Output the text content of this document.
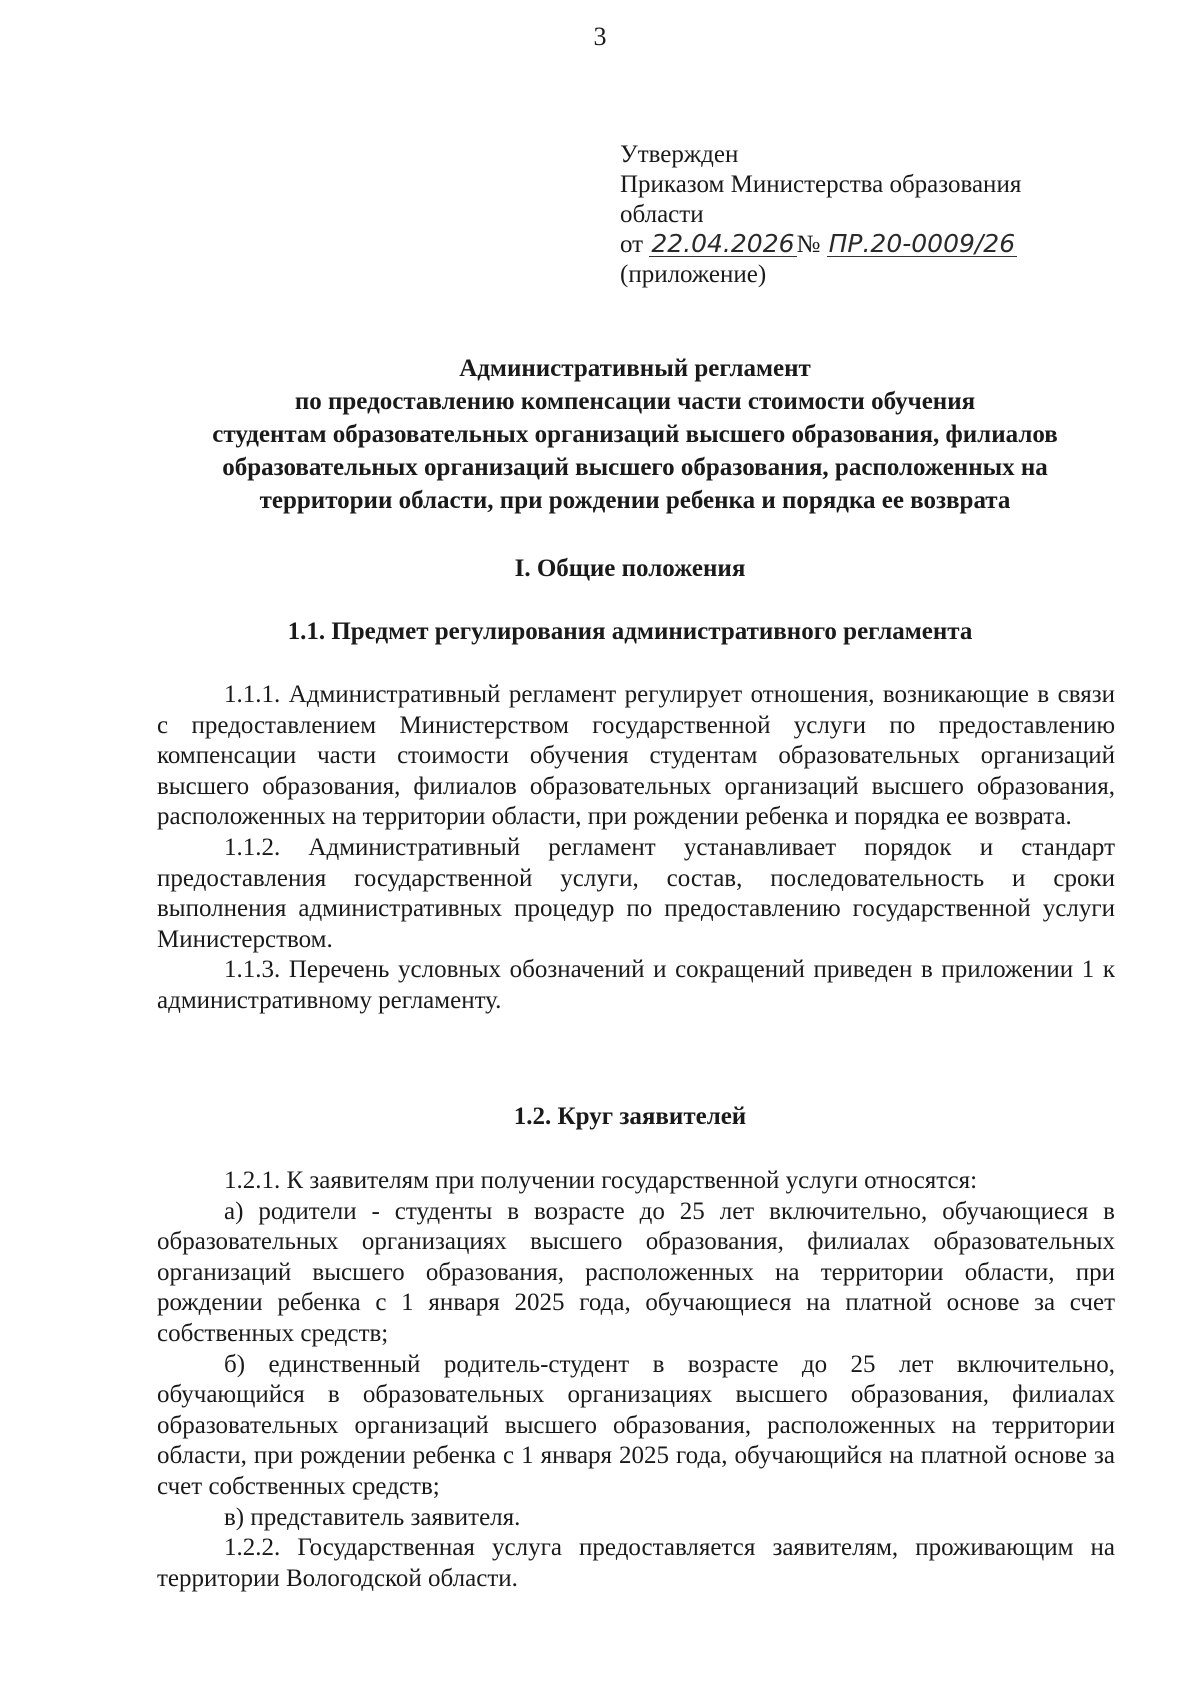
3
Утвержден
Приказом Министерства образования
области
от 22.04.2026№ ПР.20-0009/26
(приложение)
Административный регламент
по предоставлению компенсации части стоимости обучения
студентам образовательных организаций высшего образования, филиалов
образовательных организаций высшего образования, расположенных на
территории области, при рождении ребенка и порядка ее возврата
I. Общие положения
1.1. Предмет регулирования административного регламента

1.1.1. Административный регламент регулирует отношения, возникающие в связи с предоставлением Министерством государственной услуги по предоставлению компенсации части стоимости обучения студентам образовательных организаций высшего образования, филиалов образовательных организаций высшего образования, расположенных на территории области, при рождении ребенка и порядка ее возврата.

1.1.2. Административный регламент устанавливает порядок и стандарт предоставления государственной услуги, состав, последовательность и сроки выполнения административных процедур по предоставлению государственной услуги Министерством.

1.1.3. Перечень условных обозначений и сокращений приведен в приложении 1 к административному регламенту.

1.2. Круг заявителей

1.2.1. К заявителям при получении государственной услуги относятся:

а) родители - студенты в возрасте до 25 лет включительно, обучающиеся в образовательных организациях высшего образования, филиалах образовательных организаций высшего образования, расположенных на территории области, при рождении ребенка с 1 января 2025 года, обучающиеся на платной основе за счет собственных средств;

б) единственный родитель-студент в возрасте до 25 лет включительно, обучающийся в образовательных организациях высшего образования, филиалах образовательных организаций высшего образования, расположенных на территории области, при рождении ребенка с 1 января 2025 года, обучающийся на платной основе за счет собственных средств;

в) представитель заявителя.

1.2.2. Государственная услуга предоставляется заявителям, проживающим на территории Вологодской области.
